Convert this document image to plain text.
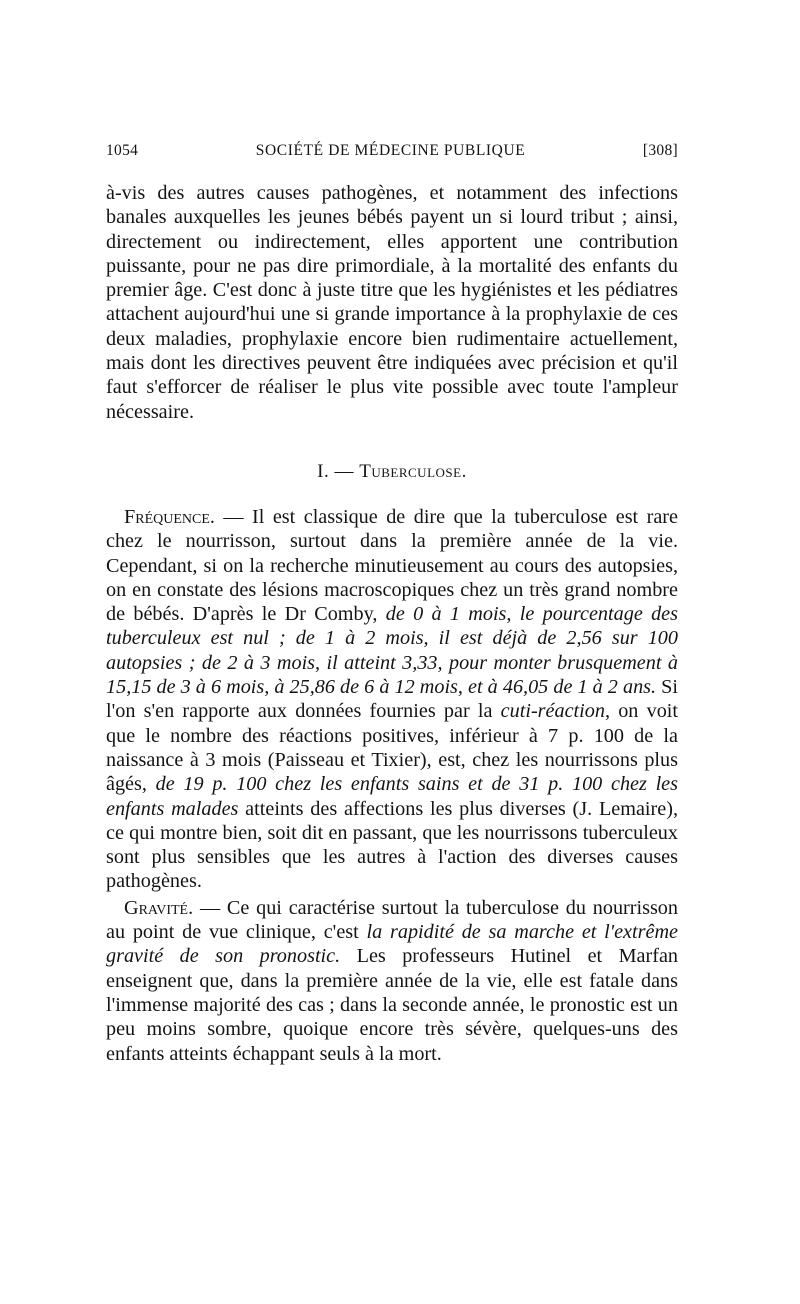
1054	SOCIÉTÉ DE MÉDECINE PUBLIQUE	[308]

à-vis des autres causes pathogènes, et notamment des infections banales auxquelles les jeunes bébés payent un si lourd tribut ; ainsi, directement ou indirectement, elles apportent une contribution puissante, pour ne pas dire primordiale, à la mortalité des enfants du premier âge. C'est donc à juste titre que les hygiénistes et les pédiatres attachent aujourd'hui une si grande importance à la prophylaxie de ces deux maladies, prophylaxie encore bien rudimentaire actuellement, mais dont les directives peuvent être indiquées avec précision et qu'il faut s'efforcer de réaliser le plus vite possible avec toute l'ampleur nécessaire.

I. — Tuberculose.

Fréquence. — Il est classique de dire que la tuberculose est rare chez le nourrisson, surtout dans la première année de la vie. Cependant, si on la recherche minutieusement au cours des autopsies, on en constate des lésions macroscopiques chez un très grand nombre de bébés. D'après le Dr Comby, de 0 à 1 mois, le pourcentage des tuberculeux est nul ; de 1 à 2 mois, il est déjà de 2,56 sur 100 autopsies ; de 2 à 3 mois, il atteint 3,33, pour monter brusquement à 15,15 de 3 à 6 mois, à 25,86 de 6 à 12 mois, et à 46,05 de 1 à 2 ans. Si l'on s'en rapporte aux données fournies par la cuti-réaction, on voit que le nombre des réactions positives, inférieur à 7 p. 100 de la naissance à 3 mois (Paisseau et Tixier), est, chez les nourrissons plus âgés, de 19 p. 100 chez les enfants sains et de 31 p. 100 chez les enfants malades atteints des affections les plus diverses (J. Lemaire), ce qui montre bien, soit dit en passant, que les nourrissons tuberculeux sont plus sensibles que les autres à l'action des diverses causes pathogènes.

Gravité. — Ce qui caractérise surtout la tuberculose du nourrisson au point de vue clinique, c'est la rapidité de sa marche et l'extrême gravité de son pronostic. Les professeurs Hutinel et Marfan enseignent que, dans la première année de la vie, elle est fatale dans l'immense majorité des cas ; dans la seconde année, le pronostic est un peu moins sombre, quoique encore très sévère, quelques-uns des enfants atteints échappant seuls à la mort.
